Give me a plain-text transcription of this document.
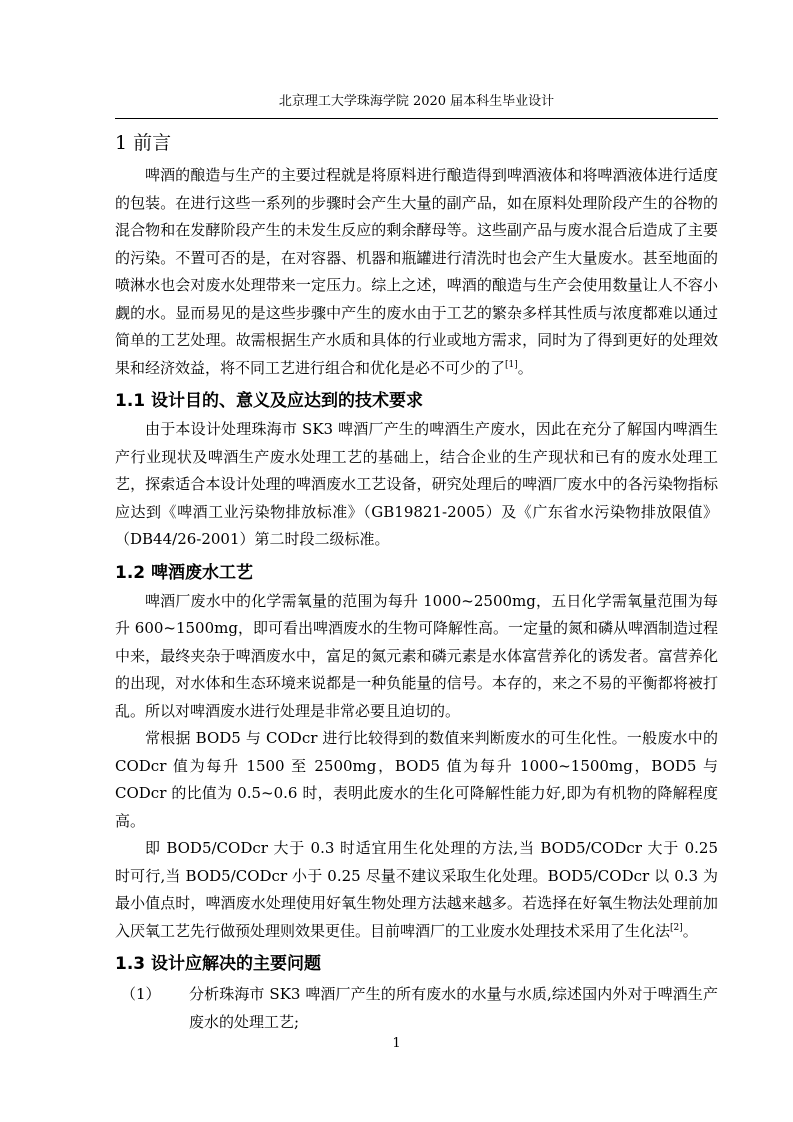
北京理工大学珠海学院 2020 届本科生毕业设计
1 前言

啤酒的酿造与生产的主要过程就是将原料进行酿造得到啤酒液体和将啤酒液体进行适度的包装。在进行这些一系列的步骤时会产生大量的副产品，如在原料处理阶段产生的谷物的混合物和在发酵阶段产生的未发生反应的剩余酵母等。这些副产品与废水混合后造成了主要的污染。不置可否的是，在对容器、机器和瓶罐进行清洗时也会产生大量废水。甚至地面的喷淋水也会对废水处理带来一定压力。综上之述，啤酒的酿造与生产会使用数量让人不容小觑的水。显而易见的是这些步骤中产生的废水由于工艺的繁杂多样其性质与浓度都难以通过简单的工艺处理。故需根据生产水质和具体的行业或地方需求，同时为了得到更好的处理效果和经济效益，将不同工艺进行组合和优化是必不可少的了[1]。

1.1 设计目的、意义及应达到的技术要求

由于本设计处理珠海市 SK3 啤酒厂产生的啤酒生产废水，因此在充分了解国内啤酒生产行业现状及啤酒生产废水处理工艺的基础上，结合企业的生产现状和已有的废水处理工艺，探索适合本设计处理的啤酒废水工艺设备，研究处理后的啤酒厂废水中的各污染物指标应达到《啤酒工业污染物排放标准》（GB19821-2005）及《广东省水污染物排放限值》（DB44/26-2001）第二时段二级标准。

1.2 啤酒废水工艺

啤酒厂废水中的化学需氧量的范围为每升 1000~2500mg，五日化学需氧量范围为每升 600~1500mg，即可看出啤酒废水的生物可降解性高。一定量的氮和磷从啤酒制造过程中来，最终夹杂于啤酒废水中，富足的氮元素和磷元素是水体富营养化的诱发者。富营养化的出现，对水体和生态环境来说都是一种负能量的信号。本存的，来之不易的平衡都将被打乱。所以对啤酒废水进行处理是非常必要且迫切的。

常根据 BOD5 与 CODcr 进行比较得到的数值来判断废水的可生化性。一般废水中的 CODcr 值为每升 1500 至 2500mg，BOD5 值为每升 1000~1500mg，BOD5 与 CODcr 的比值为 0.5~0.6 时，表明此废水的生化可降解性能力好,即为有机物的降解程度高。

即 BOD5/CODcr 大于 0.3 时适宜用生化处理的方法,当 BOD5/CODcr 大于 0.25 时可行,当 BOD5/CODcr 小于 0.25 尽量不建议采取生化处理。BOD5/CODcr 以 0.3 为最小值点时，啤酒废水处理使用好氧生物处理方法越来越多。若选择在好氧生物法处理前加入厌氧工艺先行做预处理则效果更佳。目前啤酒厂的工业废水处理技术采用了生化法[2]。

1.3 设计应解决的主要问题
（1） 分析珠海市 SK3 啤酒厂产生的所有废水的水量与水质,综述国内外对于啤酒生产废水的处理工艺;
1
